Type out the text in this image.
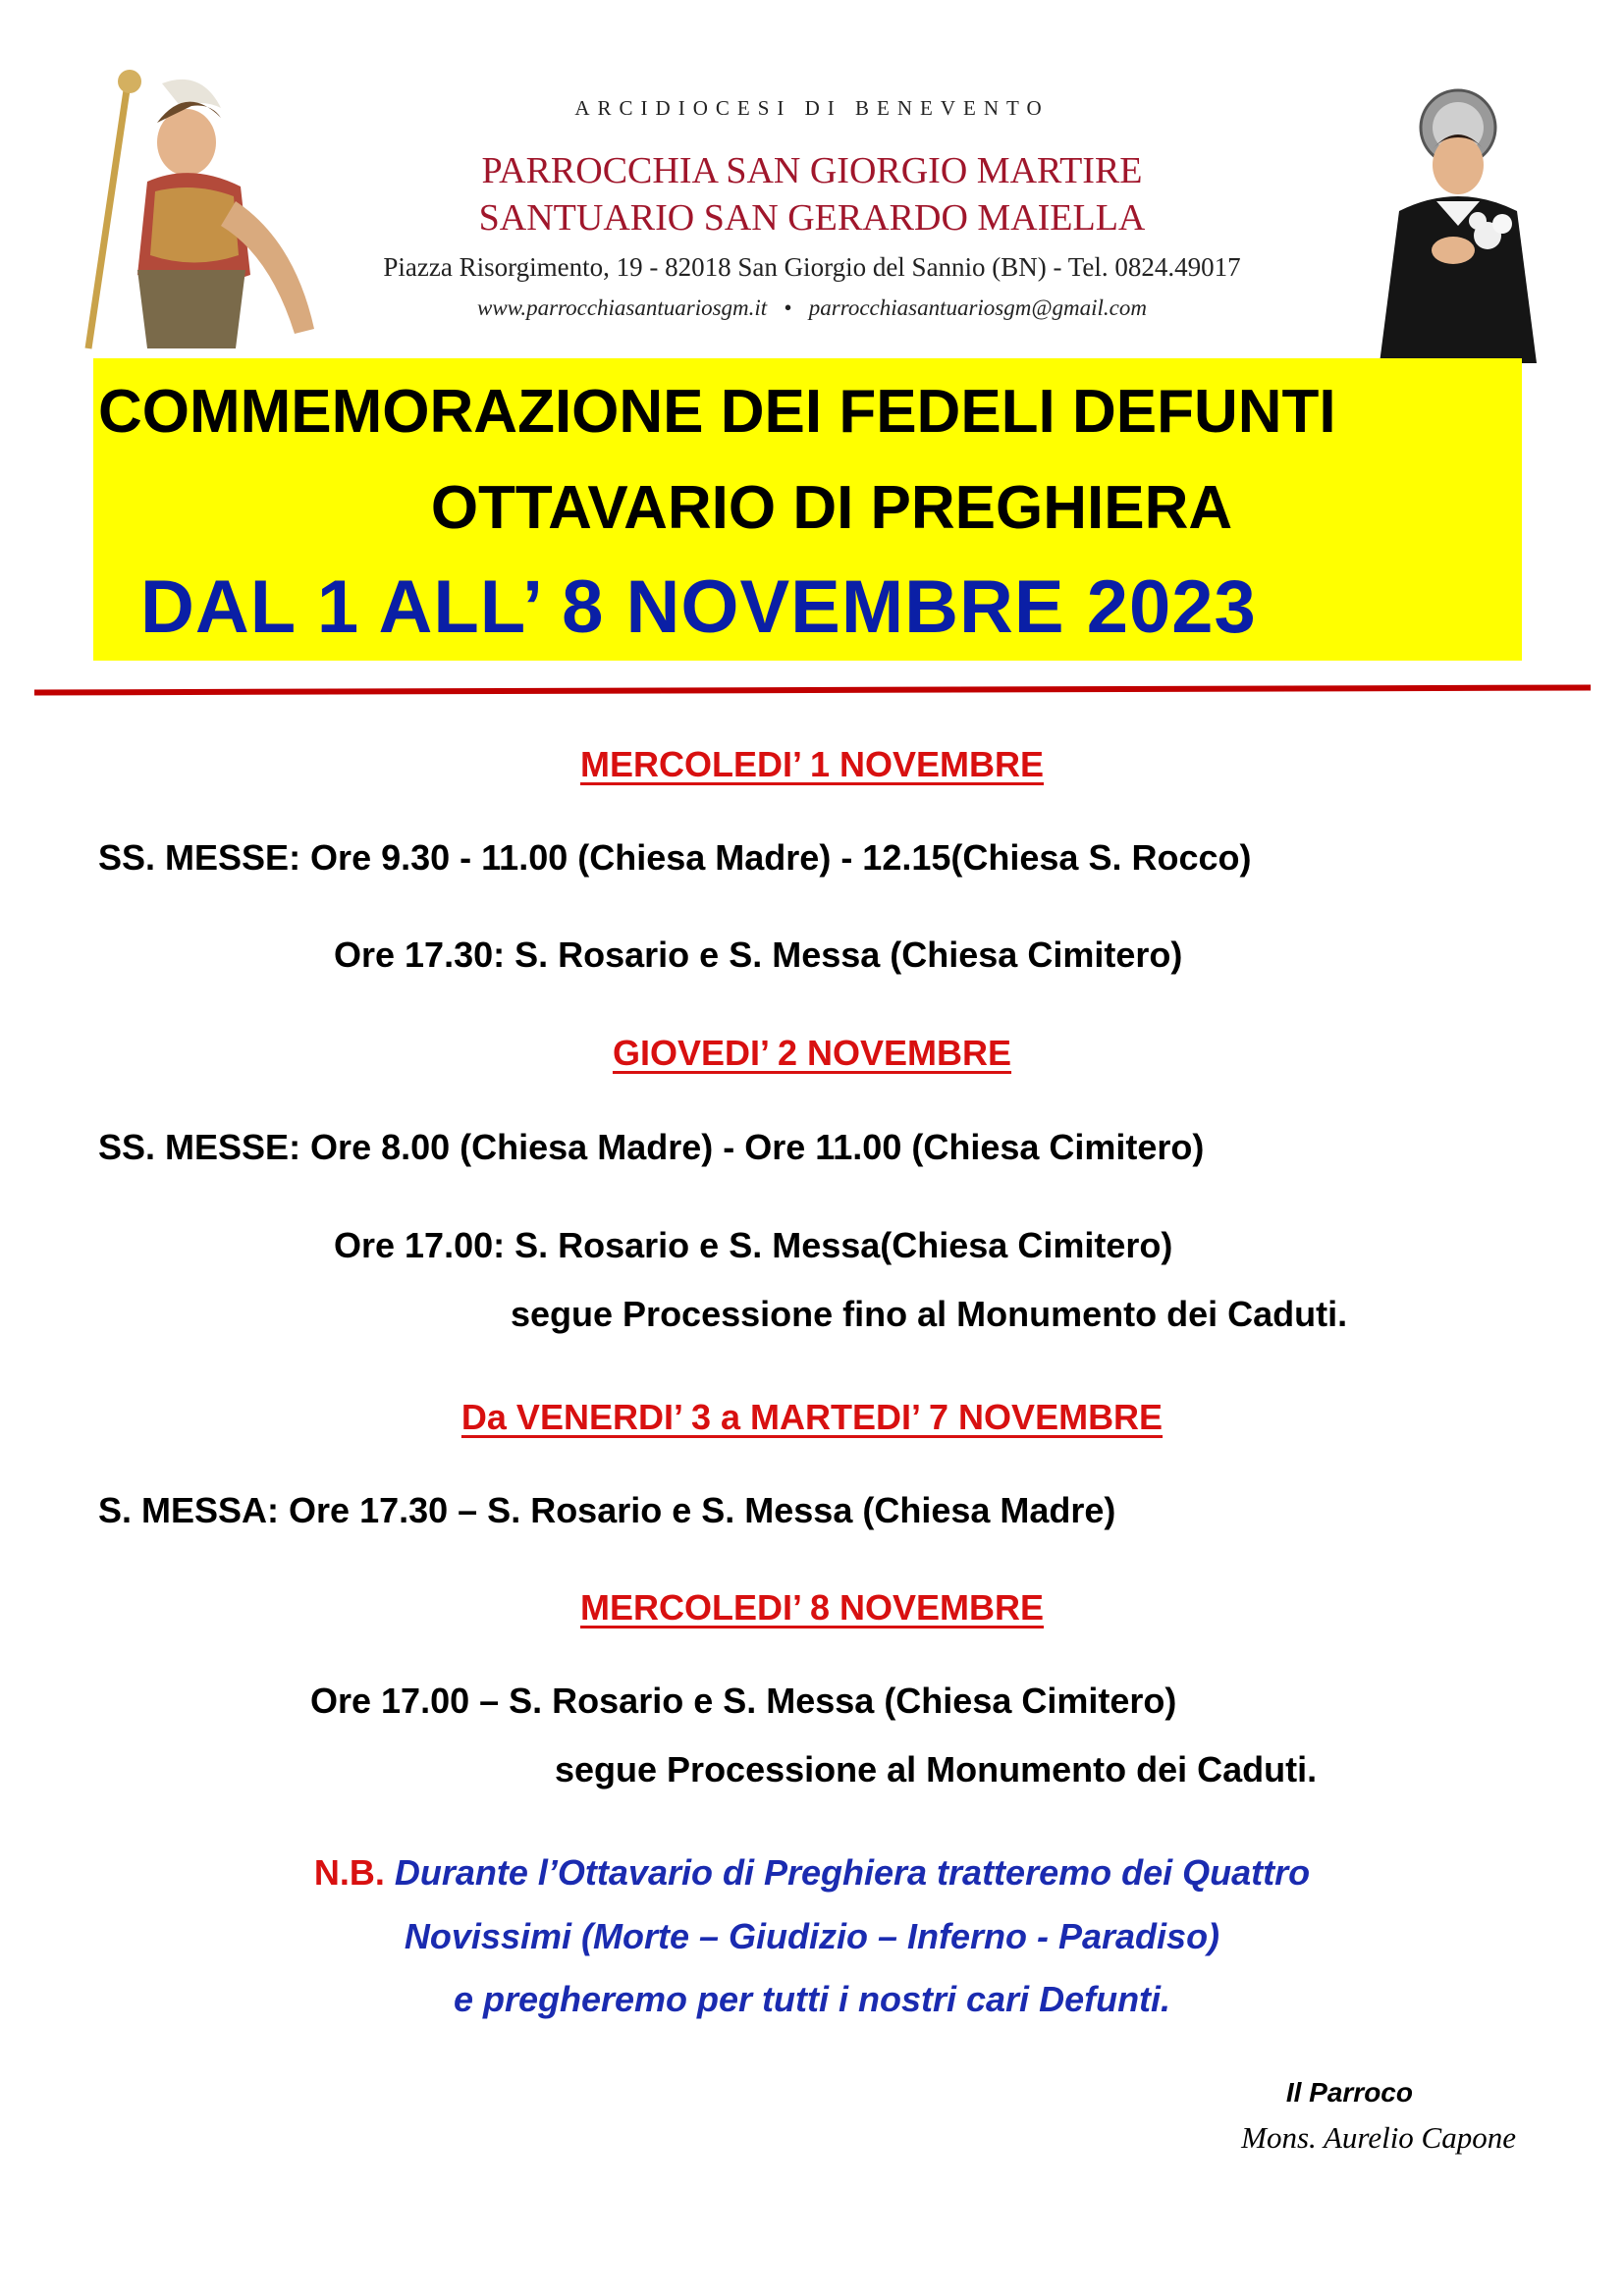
ARCIDIOCESI DI BENEVENTO
PARROCCHIA SAN GIORGIO MARTIRE
SANTUARIO SAN GERARDO MAIELLA
Piazza Risorgimento, 19 - 82018 San Giorgio del Sannio (BN) - Tel. 0824.49017
www.parrocchiasantuariosgm.it • parrocchiasantuariosgm@gmail.com
COMMEMORAZIONE DEI FEDELI DEFUNTI
OTTAVARIO DI PREGHIERA
DAL 1 ALL’ 8 NOVEMBRE 2023
MERCOLEDI’ 1 NOVEMBRE
SS. MESSE: Ore 9.30 - 11.00 (Chiesa Madre) - 12.15(Chiesa S. Rocco)
Ore 17.30: S. Rosario e S. Messa (Chiesa Cimitero)
GIOVEDI’ 2 NOVEMBRE
SS. MESSE: Ore 8.00 (Chiesa Madre) - Ore 11.00 (Chiesa Cimitero)
Ore 17.00: S. Rosario e S. Messa(Chiesa Cimitero)
segue Processione fino al Monumento dei Caduti.
Da VENERDI’ 3 a MARTEDI’ 7 NOVEMBRE
S. MESSA: Ore 17.30 – S. Rosario e S. Messa (Chiesa Madre)
MERCOLEDI’ 8 NOVEMBRE
Ore 17.00 – S. Rosario e S. Messa (Chiesa Cimitero)
segue Processione al Monumento dei Caduti.
N.B. Durante l’Ottavario di Preghiera tratteremo dei Quattro
Novissimi (Morte – Giudizio – Inferno - Paradiso)
e pregheremo per tutti i nostri cari Defunti.
Il Parroco
Mons. Aurelio Capone
